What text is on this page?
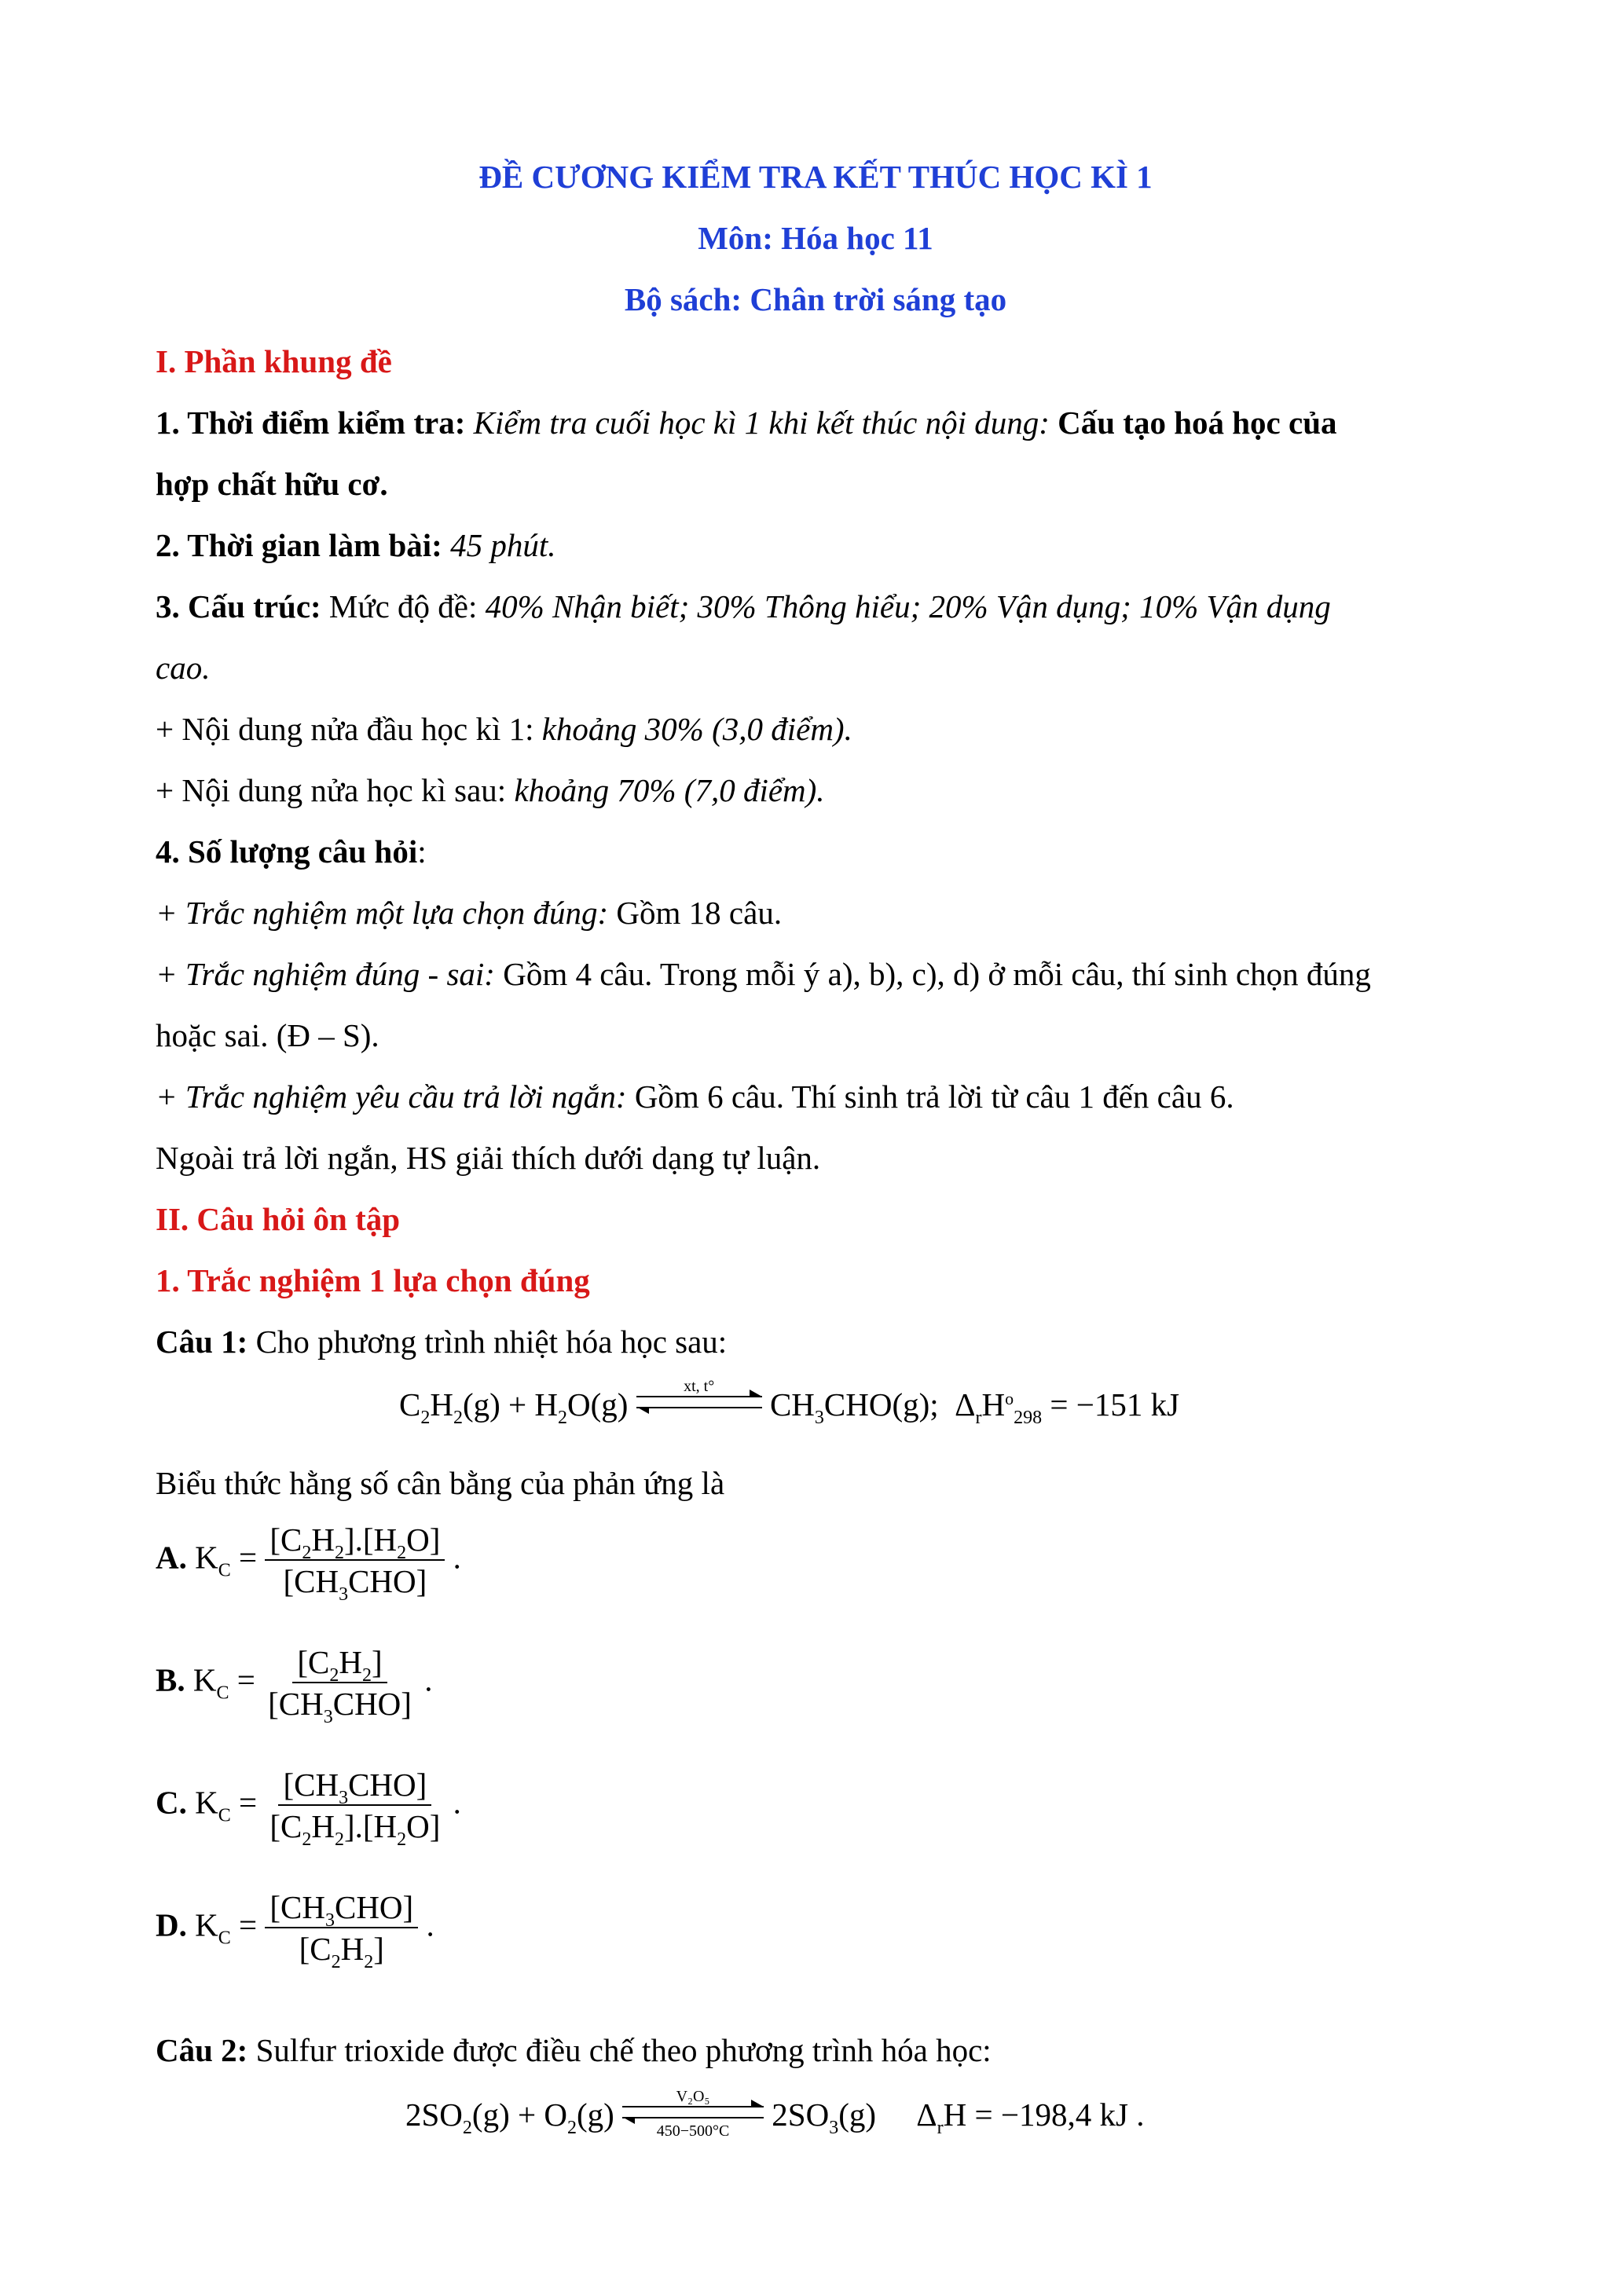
ĐỀ CƯƠNG KIỂM TRA KẾT THÚC HỌC KÌ 1
Môn: Hóa học 11
Bộ sách: Chân trời sáng tạo
I. Phần khung đề
1. Thời điểm kiểm tra: Kiểm tra cuối học kì 1 khi kết thúc nội dung: Cấu tạo hoá học của
hợp chất hữu cơ.
2. Thời gian làm bài: 45 phút.
3. Cấu trúc: Mức độ đề: 40% Nhận biết; 30% Thông hiểu; 20% Vận dụng; 10% Vận dụng
cao.
+ Nội dung nửa đầu học kì 1: khoảng 30% (3,0 điểm).
+ Nội dung nửa học kì sau: khoảng 70% (7,0 điểm).
4. Số lượng câu hỏi:
+ Trắc nghiệm một lựa chọn đúng: Gồm 18 câu.
+ Trắc nghiệm đúng - sai: Gồm 4 câu. Trong mỗi ý a), b), c), d) ở mỗi câu, thí sinh chọn đúng
hoặc sai. (Đ – S).
+ Trắc nghiệm yêu cầu trả lời ngắn: Gồm 6 câu. Thí sinh trả lời từ câu 1 đến câu 6.
Ngoài trả lời ngắn, HS giải thích dưới dạng tự luận.
II. Câu hỏi ôn tập
1. Trắc nghiệm 1 lựa chọn đúng
Câu 1: Cho phương trình nhiệt hóa học sau:
$C_2H_2(g) + H_2O(g)$
xt, t°
$CH_3CHO(g)$;  $\Delta_rH^o_{298} = -151$ kJ
Biểu thức hằng số cân bằng của phản ứng là
A. $K_C = \frac{[C_2H_2].[H_2O]}{[CH_3CHO]}$ .
B. $K_C = \frac{[C_2H_2]}{[CH_3CHO]}$ .
C. $K_C = \frac{[CH_3CHO]}{[C_2H_2].[H_2O]}$ .
D. $K_C = \frac{[CH_3CHO]}{[C_2H_2]}$ .
Câu 2: Sulfur trioxide được điều chế theo phương trình hóa học:
$2SO_2(g) + O_2(g) \frac{\text{V₂O₅}}{450-500^\circ C} 2SO_3(g)$     $\Delta_rH = -198,4$ kJ .
